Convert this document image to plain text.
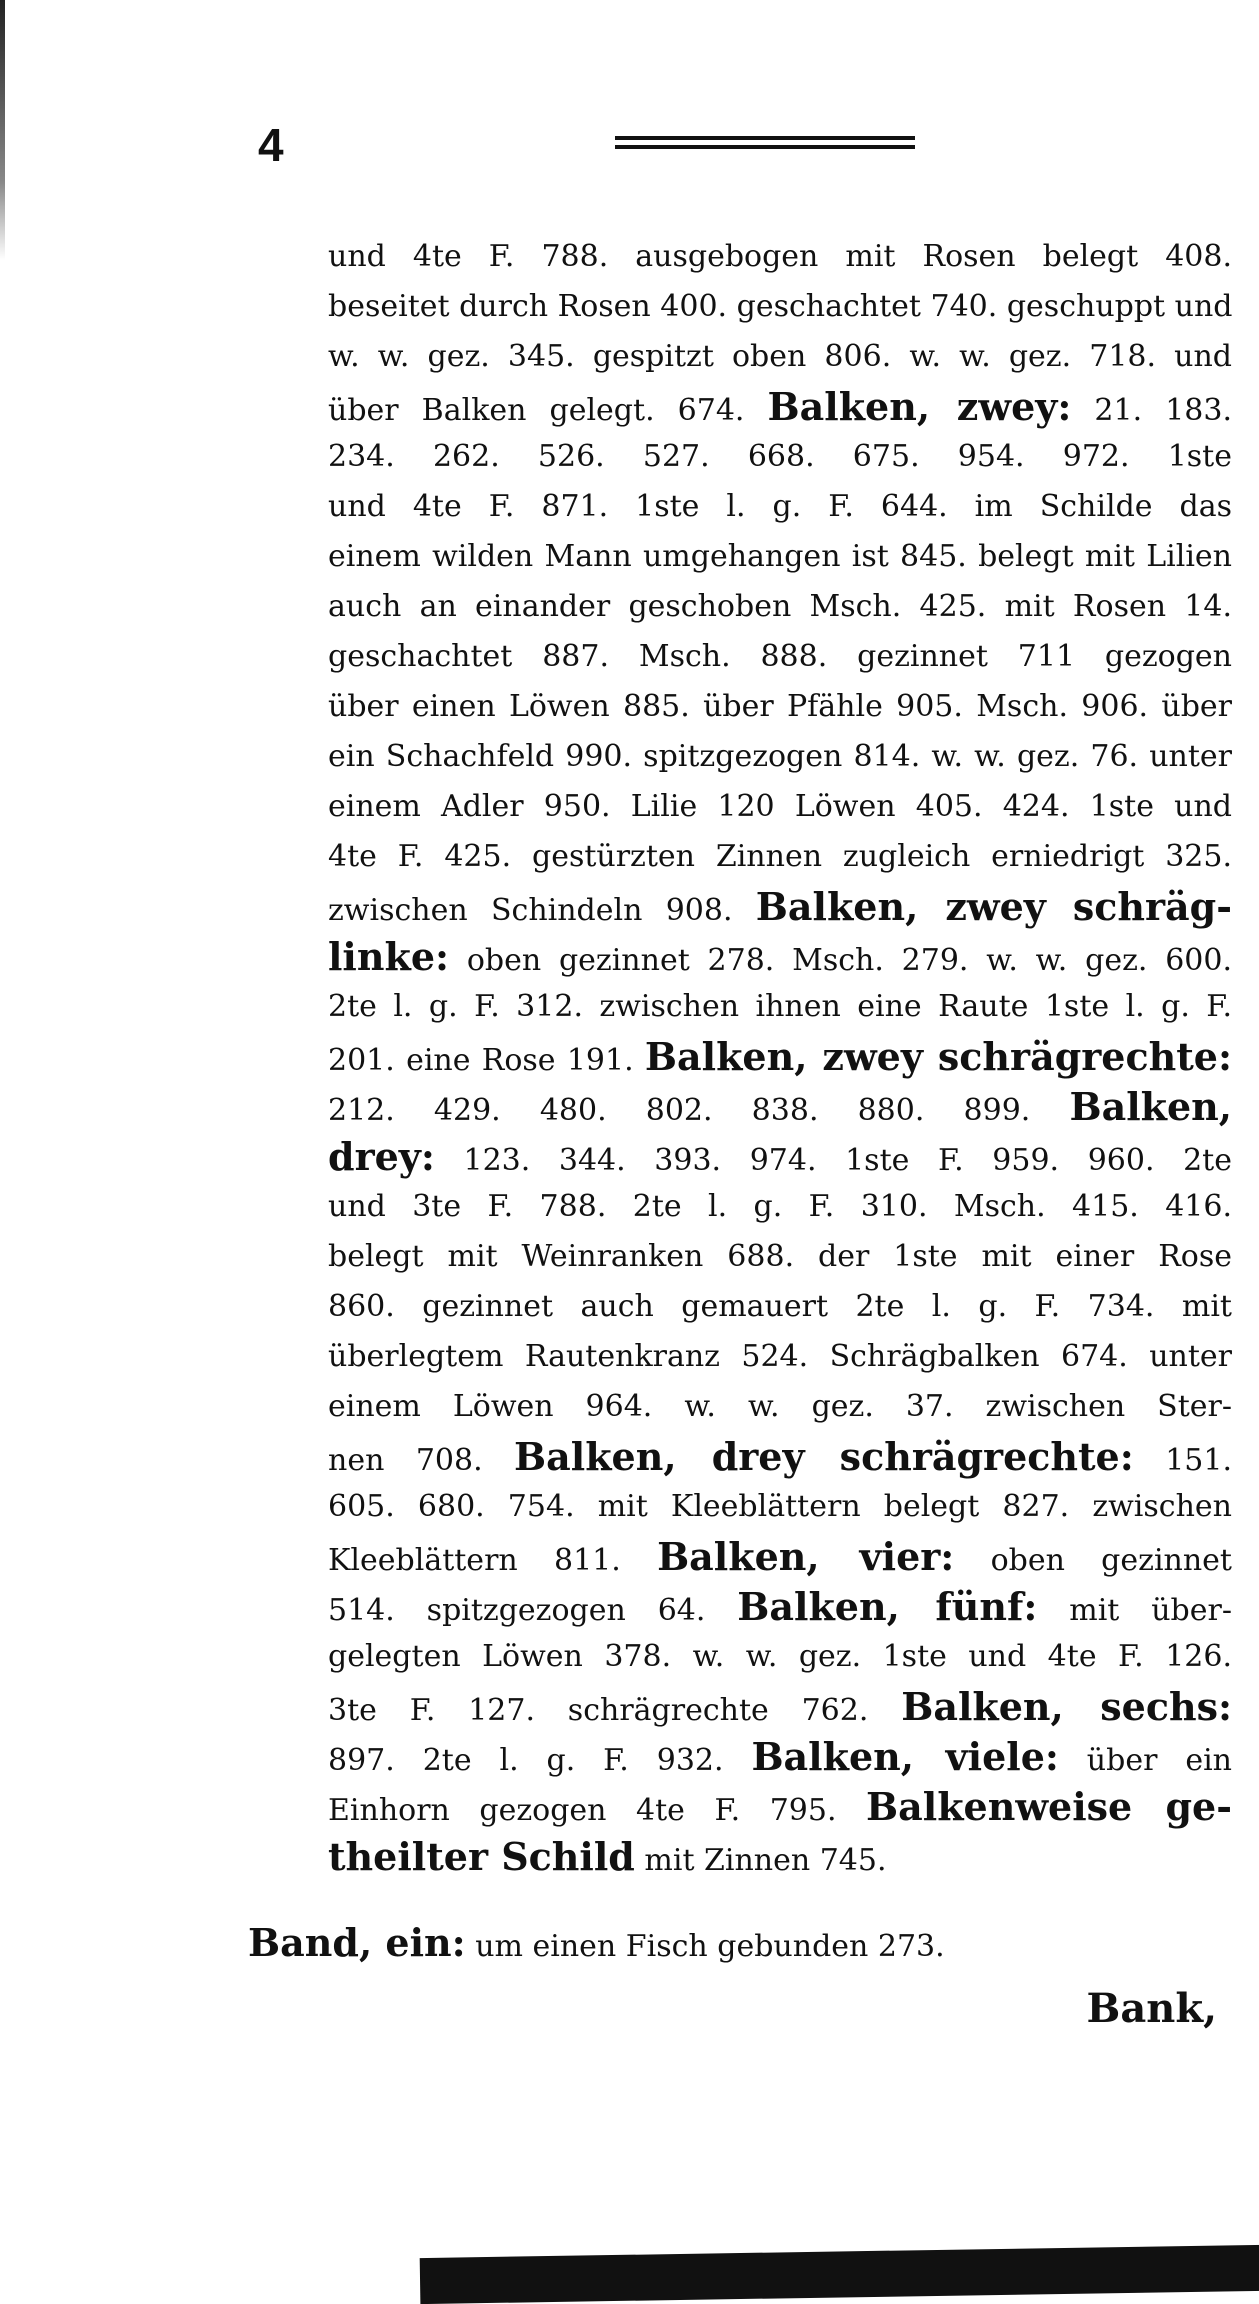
4
und 4te F. 788. ausgebogen mit Rosen belegt 408.
beseitet durch Rosen 400. geschachtet 740. geschuppt und
w. w. gez. 345. gespitzt oben 806. w. w. gez. 718. und
über Balken gelegt. 674. Balken, zwey: 21. 183.
234. 262. 526. 527. 668. 675. 954. 972. 1ste
und 4te F. 871. 1ste l. g. F. 644. im Schilde das
einem wilden Mann umgehangen ist 845. belegt mit Lilien
auch an einander geschoben Msch. 425. mit Rosen 14.
geschachtet 887. Msch. 888. gezinnet 711 gezogen
über einen Löwen 885. über Pfähle 905. Msch. 906. über
ein Schachfeld 990. spitzgezogen 814. w. w. gez. 76. unter
einem Adler 950. Lilie 120 Löwen 405. 424. 1ste und
4te F. 425. gestürzten Zinnen zugleich erniedrigt 325.
zwischen Schindeln 908. Balken, zwey schräg-
linke: oben gezinnet 278. Msch. 279. w. w. gez. 600.
2te l. g. F. 312. zwischen ihnen eine Raute 1ste l. g. F.
201. eine Rose 191. Balken, zwey schrägrechte:
212. 429. 480. 802. 838. 880. 899. Balken,
drey: 123. 344. 393. 974. 1ste F. 959. 960. 2te
und 3te F. 788. 2te l. g. F. 310. Msch. 415. 416.
belegt mit Weinranken 688. der 1ste mit einer Rose
860. gezinnet auch gemauert 2te l. g. F. 734. mit
überlegtem Rautenkranz 524. Schrägbalken 674. unter
einem Löwen 964. w. w. gez. 37. zwischen Ster-
nen 708. Balken, drey schrägrechte: 151.
605. 680. 754. mit Kleeblättern belegt 827. zwischen
Kleeblättern 811. Balken, vier: oben gezinnet
514. spitzgezogen 64. Balken, fünf: mit über-
gelegten Löwen 378. w. w. gez. 1ste und 4te F. 126.
3te F. 127. schrägrechte 762. Balken, sechs:
897. 2te l. g. F. 932. Balken, viele: über ein
Einhorn gezogen 4te F. 795. Balkenweise ge-
theilter Schild mit Zinnen 745.
Band, ein: um einen Fisch gebunden 273.
Bank,
